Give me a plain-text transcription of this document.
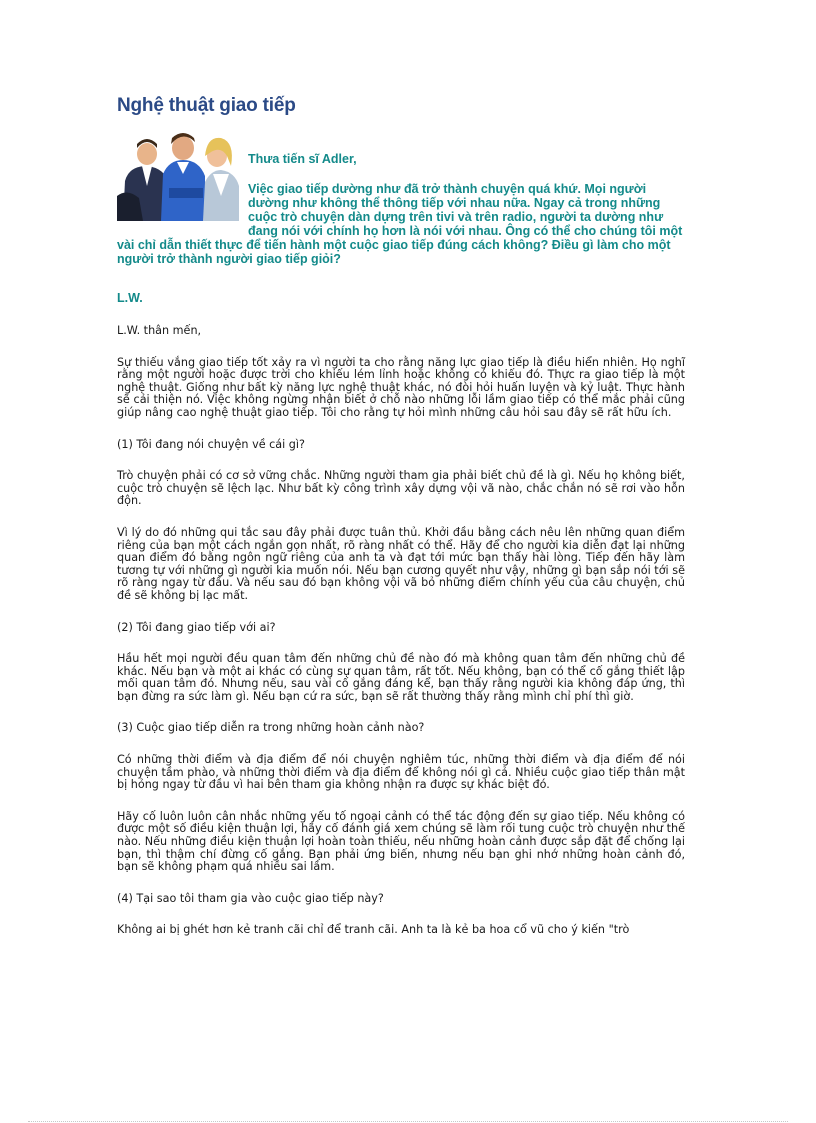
Nghệ thuật giao tiếp

Thưa tiến sĩ Adler,

Việc giao tiếp dường như đã trở thành chuyện quá khứ. Mọi người dường như không thể thông tiếp với nhau nữa. Ngay cả trong những cuộc trò chuyện dàn dựng trên tivi và trên radio, người ta dường như đang nói với chính họ hơn là nói với nhau. Ông có thể cho chúng tôi một vài chỉ dẫn thiết thực để tiến hành một cuộc giao tiếp đúng cách không? Điều gì làm cho một người trở thành người giao tiếp giỏi?

L.W.

L.W. thân mến,

Sự thiếu vắng giao tiếp tốt xảy ra vì người ta cho rằng năng lực giao tiếp là điều hiển nhiên. Họ nghĩ rằng một người hoặc được trời cho khiếu lém lỉnh hoặc không có khiếu đó. Thực ra giao tiếp là một nghệ thuật. Giống như bất kỳ năng lực nghệ thuật khác, nó đòi hỏi huấn luyện và kỷ luật. Thực hành sẽ cải thiện nó. Việc không ngừng nhận biết ở chỗ nào những lỗi lầm giao tiếp có thể mắc phải cũng giúp nâng cao nghệ thuật giao tiếp. Tôi cho rằng tự hỏi mình những câu hỏi sau đây sẽ rất hữu ích.

(1) Tôi đang nói chuyện về cái gì?

Trò chuyện phải có cơ sở vững chắc. Những người tham gia phải biết chủ đề là gì. Nếu họ không biết, cuộc trò chuyện sẽ lệch lạc. Như bất kỳ công trình xây dựng vội vã nào, chắc chắn nó sẽ rơi vào hỗn độn.

Vì lý do đó những qui tắc sau đây phải được tuân thủ. Khởi đầu bằng cách nêu lên những quan điểm riêng của bạn một cách ngắn gọn nhất, rõ ràng nhất có thể. Hãy để cho người kia diễn đạt lại những quan điểm đó bằng ngôn ngữ riêng của anh ta và đạt tới mức bạn thấy hài lòng. Tiếp đến hãy làm tương tự với những gì người kia muốn nói. Nếu bạn cương quyết như vậy, những gì bạn sắp nói tới sẽ rõ ràng ngay từ đầu. Và nếu sau đó bạn không vội vã bỏ những điểm chính yếu của câu chuyện, chủ đề sẽ không bị lạc mất.

(2) Tôi đang giao tiếp với ai?

Hầu hết mọi người đều quan tâm đến những chủ đề nào đó mà không quan tâm đến những chủ đề khác. Nếu bạn và một ai khác có cùng sự quan tâm, rất tốt. Nếu không, bạn có thể cố gắng thiết lập mối quan tâm đó. Nhưng nếu, sau vài cố gắng đáng kể, bạn thấy rằng người kia không đáp ứng, thì bạn đừng ra sức làm gì. Nếu bạn cứ ra sức, bạn sẽ rất thường thấy rằng mình chỉ phí thì giờ.

(3) Cuộc giao tiếp diễn ra trong những hoàn cảnh nào?

Có những thời điểm và địa điểm để nói chuyện nghiêm túc, những thời điểm và địa điểm để nói chuyện tầm phào, và những thời điểm và địa điểm để không nói gì cả. Nhiều cuộc giao tiếp thân mật bị hỏng ngay từ đầu vì hai bên tham gia không nhận ra được sự khác biệt đó.

Hãy cố luôn luôn cân nhắc những yếu tố ngoại cảnh có thể tác động đến sự giao tiếp. Nếu không có được một số điều kiện thuận lợi, hãy cố đánh giá xem chúng sẽ làm rối tung cuộc trò chuyện như thế nào. Nếu những điều kiện thuận lợi hoàn toàn thiếu, nếu những hoàn cảnh được sắp đặt để chống lại bạn, thì thậm chí đừng cố gắng. Bạn phải ứng biến, nhưng nếu bạn ghi nhớ những hoàn cảnh đó, bạn sẽ không phạm quá nhiều sai lầm.

(4) Tại sao tôi tham gia vào cuộc giao tiếp này?

Không ai bị ghét hơn kẻ tranh cãi chỉ để tranh cãi. Anh ta là kẻ ba hoa cổ vũ cho ý kiến "trò
